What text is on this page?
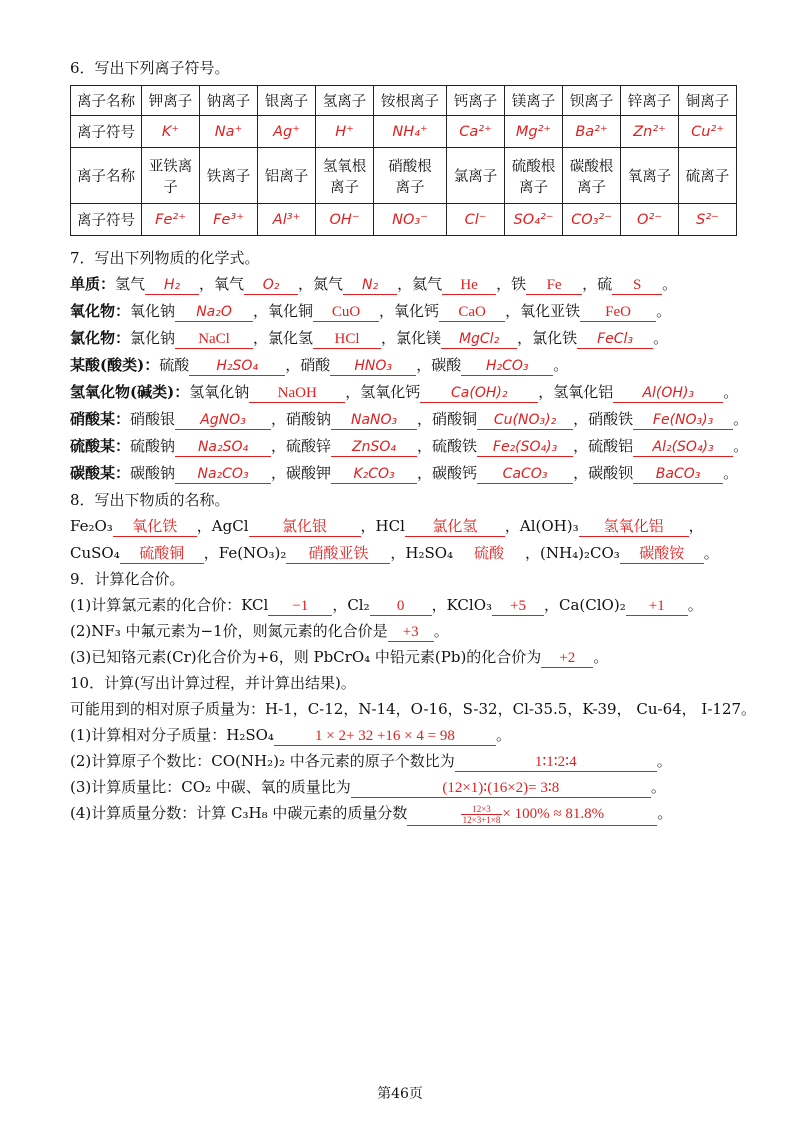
6．写出下列离子符号。
离子名称	钾离子	钠离子	银离子	氢离子	铵根离子	钙离子	镁离子	钡离子	锌离子	铜离子
离子符号	K⁺	Na⁺	Ag⁺	H⁺	NH₄⁺	Ca²⁺	Mg²⁺	Ba²⁺	Zn²⁺	Cu²⁺
离子名称	亚铁离子	铁离子	铝离子	氢氧根离子	硝酸根离子	氯离子	硫酸根离子	碳酸根离子	氧离子	硫离子
离子符号	Fe²⁺	Fe³⁺	Al³⁺	OH⁻	NO₃⁻	Cl⁻	SO₄²⁻	CO₃²⁻	O²⁻	S²⁻
7．写出下列物质的化学式。
单质：氢气 H₂ ，氧气 O₂ ，氮气 N₂ ，氦气 He ，铁 Fe ，硫 S 。
氧化物：氧化钠 Na₂O ，氧化铜 CuO ，氧化钙 CaO ，氧化亚铁 FeO 。
氯化物：氯化钠 NaCl ，氯化氢 HCl ，氯化镁 MgCl₂ ，氯化铁 FeCl₃ 。
某酸(酸类)：硫酸 H₂SO₄ ，硝酸 HNO₃ ，碳酸 H₂CO₃ 。
氢氧化物(碱类)：氢氧化钠 NaOH ，氢氧化钙 Ca(OH)₂ ，氢氧化铝 Al(OH)₃ 。
硝酸某：硝酸银 AgNO₃ ，硝酸钠 NaNO₃ ，硝酸铜 Cu(NO₃)₂ ，硝酸铁 Fe(NO₃)₃ 。
硫酸某：硫酸钠 Na₂SO₄ ，硫酸锌 ZnSO₄ ，硫酸铁 Fe₂(SO₄)₃ ，硫酸铝 Al₂(SO₄)₃ 。
碳酸某：碳酸钠 Na₂CO₃ ，碳酸钾 K₂CO₃ ，碳酸钙 CaCO₃ ，碳酸钡 BaCO₃ 。
8．写出下物质的名称。
Fe₂O₃ 氧化铁 ，AgCl 氯化银 ，HCl 氯化氢 ，Al(OH)₃ 氢氧化铝 ，
CuSO₄ 硫酸铜 ，Fe(NO₃)₂ 硝酸亚铁 ，H₂SO₄ 硫酸 ，(NH₄)₂CO₃ 碳酸铵 。
9．计算化合价。
(1)计算氯元素的化合价：KCl −1 ，Cl₂ 0 ，KClO₃ +5 ，Ca(ClO)₂ +1 。
(2)NF₃ 中氟元素为−1价，则氮元素的化合价是 +3 。
(3)已知铬元素(Cr)化合价为+6，则 PbCrO₄ 中铅元素(Pb)的化合价为 +2 。
10．计算(写出计算过程，并计算出结果)。
可能用到的相对原子质量为：H-1，C-12，N-14，O-16，S-32，Cl-35.5，K-39， Cu-64， I-127。
(1)计算相对分子质量：H₂SO₄	1 × 2+ 32 +16 × 4 = 98	。
(2)计算原子个数比：CO(NH₂)₂ 中各元素的原子个数比为	1∶1∶2∶4	。
(3)计算质量比：CO₂ 中碳、氧的质量比为	(12×1)∶(16×2)= 3∶8	。
(4)计算质量分数：计算 C₃H₈ 中碳元素的质量分数	$\frac{12\times 3}{12\times 3+1\times 8} \times 100\% \approx 81.8\%$	。
第46页
